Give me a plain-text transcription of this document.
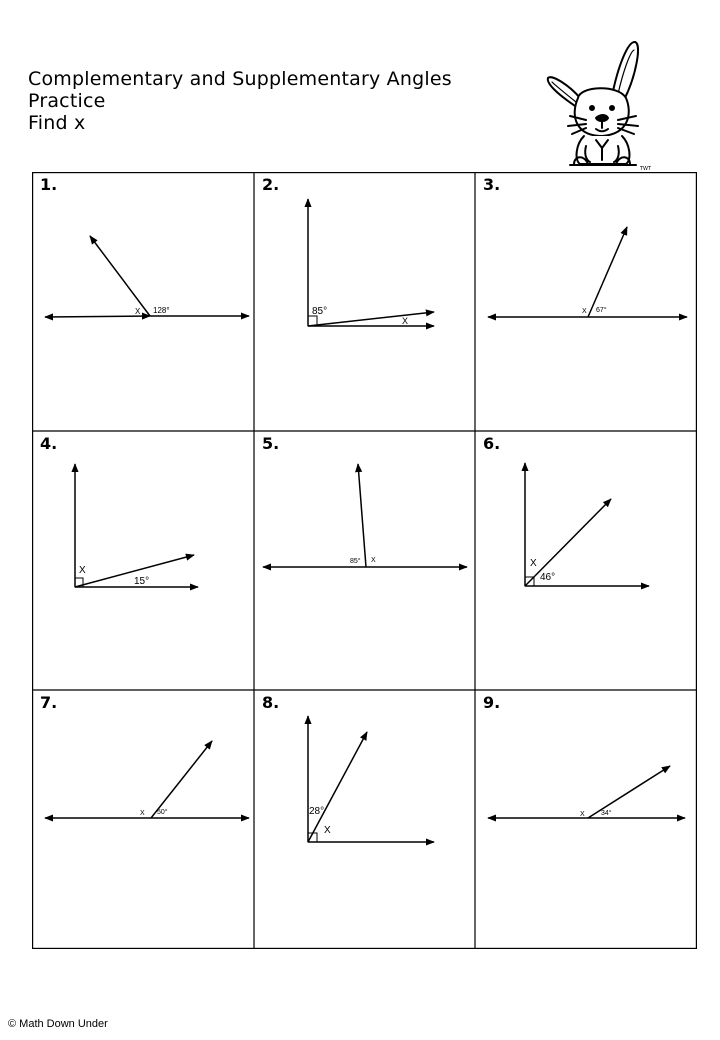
Complementary and Supplementary Angles
Practice
Find x
TWT
1.
X 128°
2.
85°
X
3.
X 67°
4.
X
15°
5.
85° X
6.
X
46°
7.
X 50°
8.
28°
X
9.
X 34°
© Math Down Under
